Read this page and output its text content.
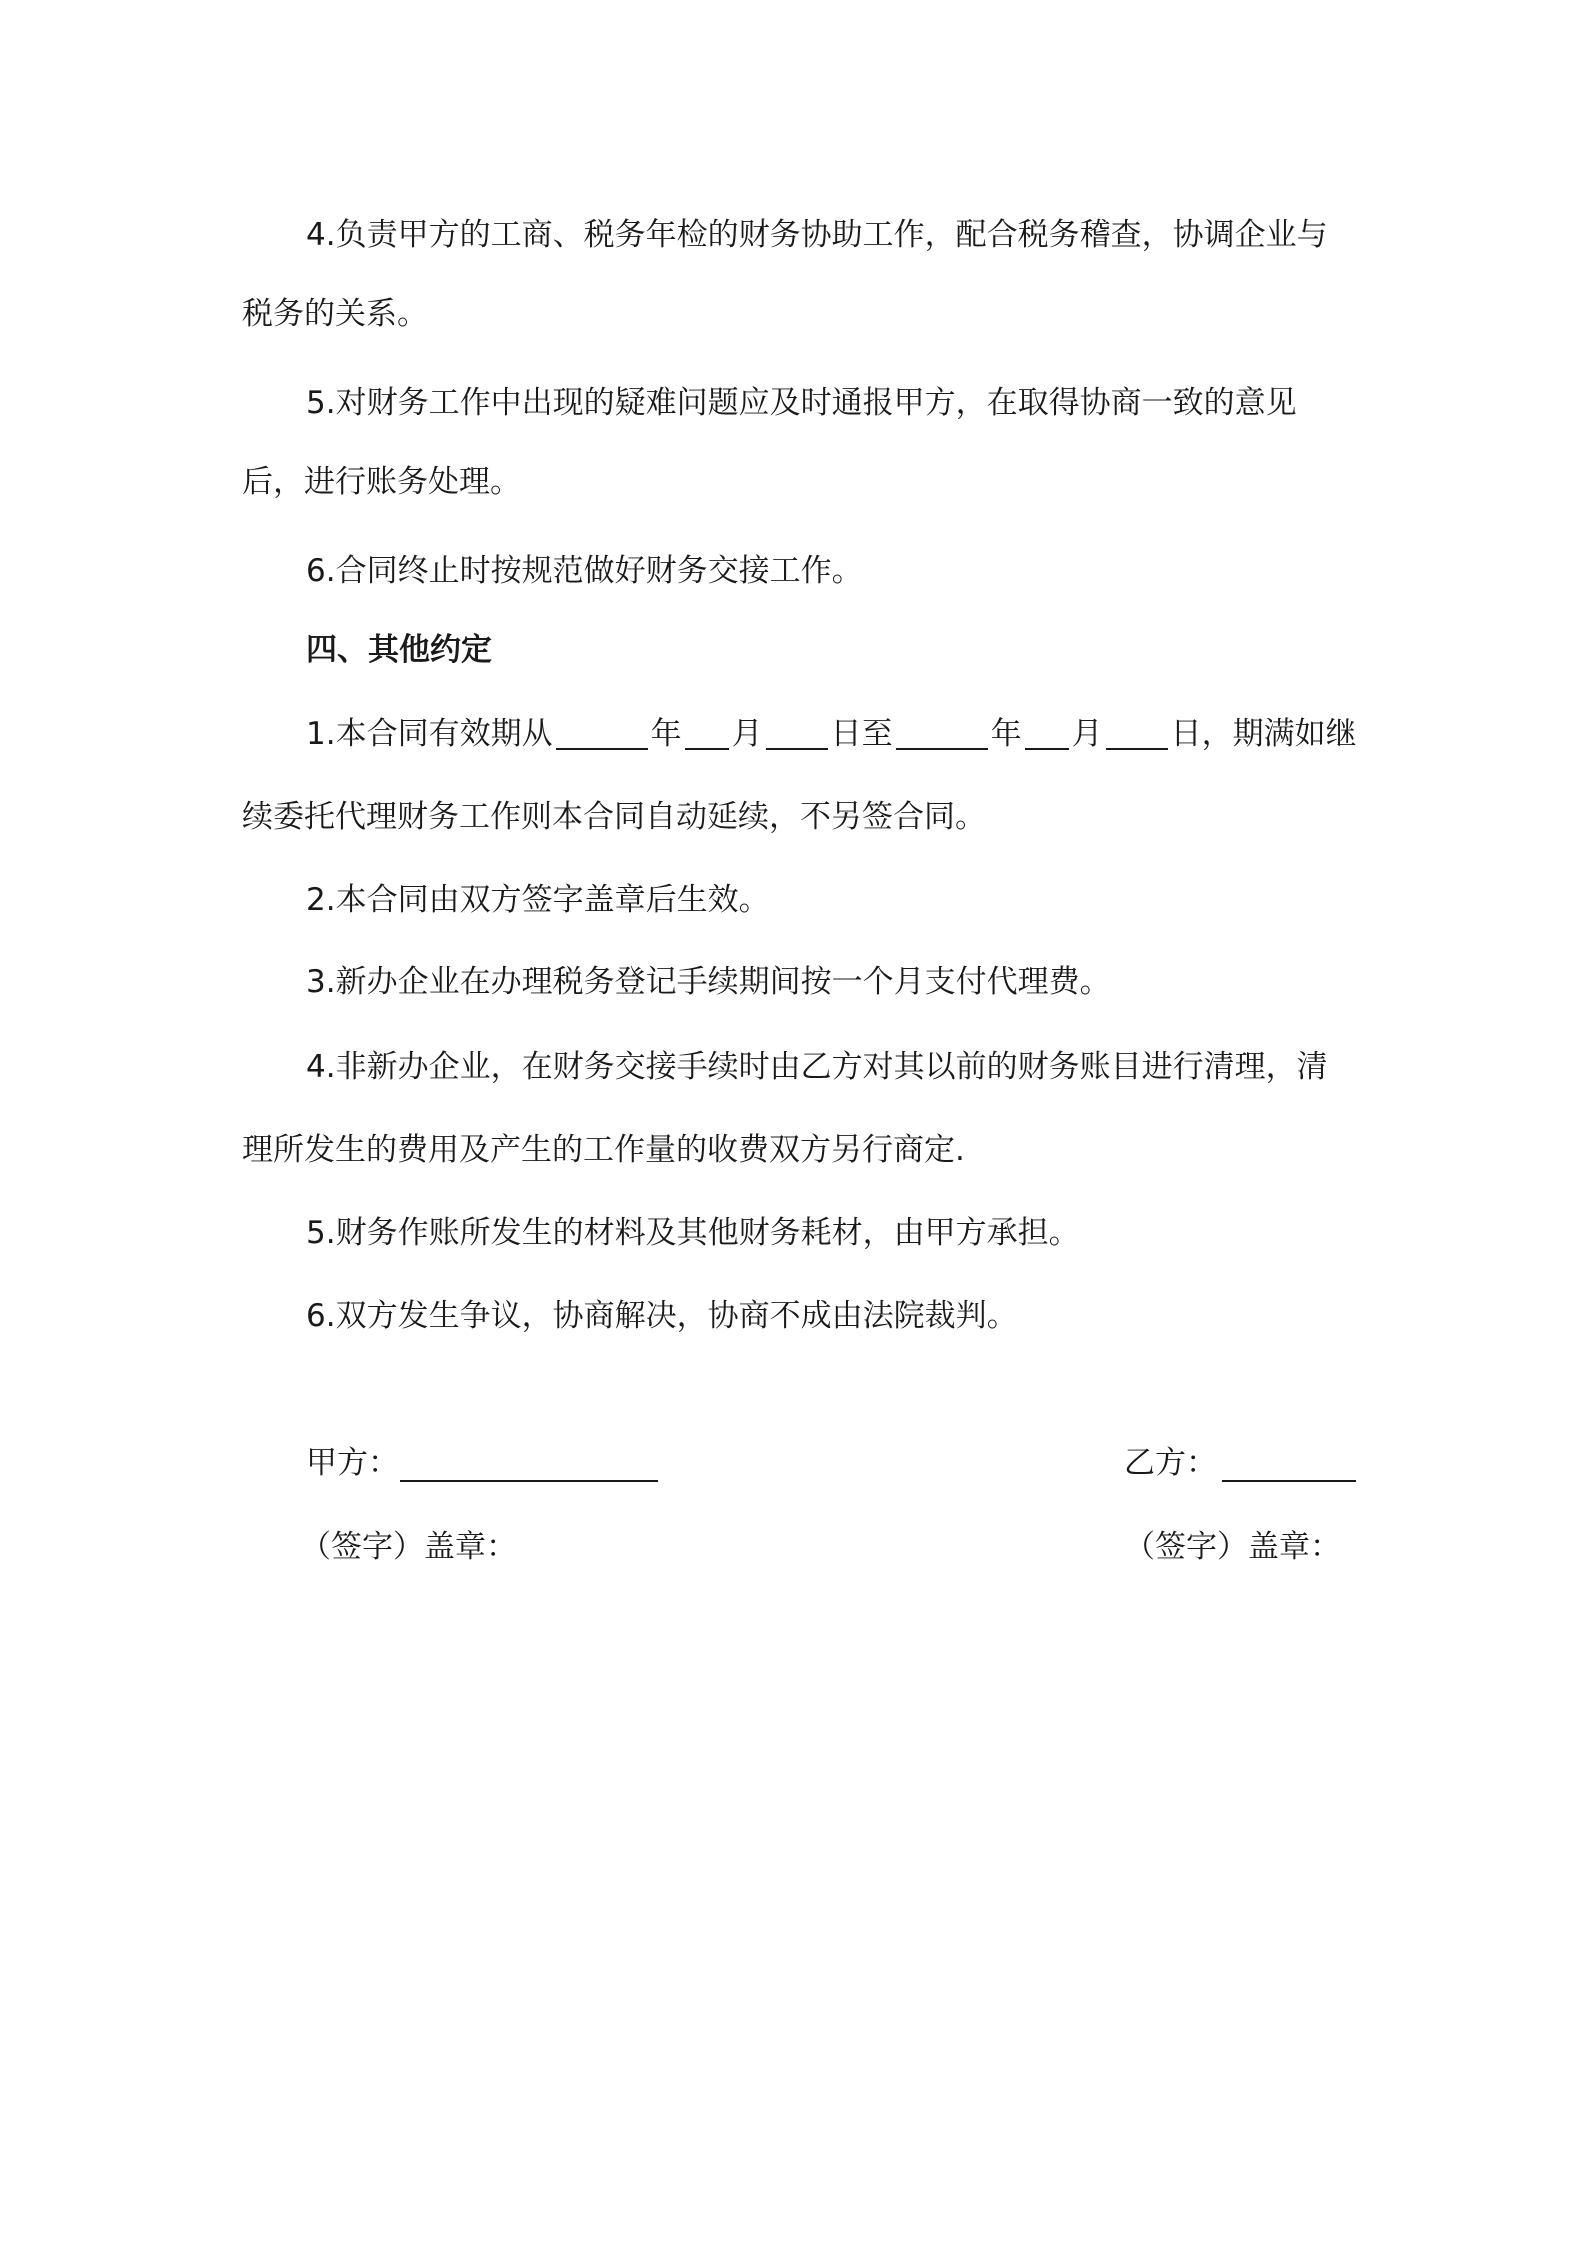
4.负责甲方的工商、税务年检的财务协助工作，配合税务稽查，协调企业与
税务的关系。
5.对财务工作中出现的疑难问题应及时通报甲方，在取得协商一致的意见
后，进行账务处理。
6.合同终止时按规范做好财务交接工作。
四、其他约定
1.本合同有效期从	年 月 日至	年 月 日，期满如继
续委托代理财务工作则本合同自动延续，不另签合同。
2.本合同由双方签字盖章后生效。
3.新办企业在办理税务登记手续期间按一个月支付代理费。
4.非新办企业，在财务交接手续时由乙方对其以前的财务账目进行清理，清
理所发生的费用及产生的工作量的收费双方另行商定.
5.财务作账所发生的材料及其他财务耗材，由甲方承担。
6.双方发生争议，协商解决，协商不成由法院裁判。
甲方：	乙方：
（签字）盖章：	（签字）盖章：
